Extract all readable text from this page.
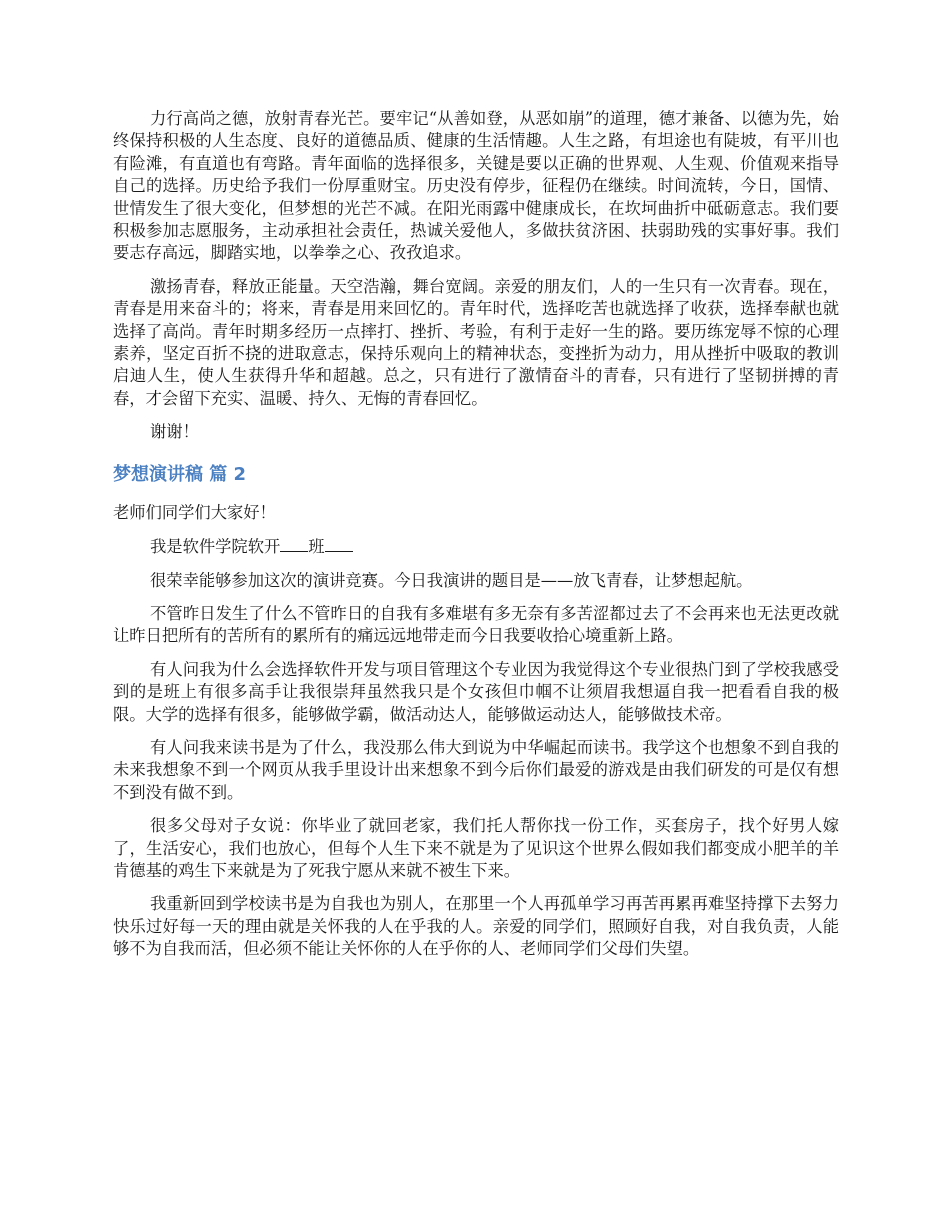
力行高尚之德，放射青春光芒。要牢记“从善如登，从恶如崩”的道理，德才兼备、以德为先，始终保持积极的人生态度、良好的道德品质、健康的生活情趣。人生之路，有坦途也有陡坡，有平川也有险滩，有直道也有弯路。青年面临的选择很多，关键是要以正确的世界观、人生观、价值观来指导自己的选择。历史给予我们一份厚重财宝。历史没有停步，征程仍在继续。时间流转，今日，国情、世情发生了很大变化，但梦想的光芒不减。在阳光雨露中健康成长，在坎坷曲折中砥砺意志。我们要积极参加志愿服务，主动承担社会责任，热诚关爱他人，多做扶贫济困、扶弱助残的实事好事。我们要志存高远，脚踏实地，以拳拳之心、孜孜追求。

激扬青春，释放正能量。天空浩瀚，舞台宽阔。亲爱的朋友们，人的一生只有一次青春。现在，青春是用来奋斗的；将来，青春是用来回忆的。青年时代，选择吃苦也就选择了收获，选择奉献也就选择了高尚。青年时期多经历一点摔打、挫折、考验，有利于走好一生的路。要历练宠辱不惊的心理素养，坚定百折不挠的进取意志，保持乐观向上的精神状态，变挫折为动力，用从挫折中吸取的教训启迪人生，使人生获得升华和超越。总之，只有进行了激情奋斗的青春，只有进行了坚韧拼搏的青春，才会留下充实、温暖、持久、无悔的青春回忆。

谢谢！

梦想演讲稿 篇 2

老师们同学们大家好！

我是软件学院软开 班

很荣幸能够参加这次的演讲竞赛。今日我演讲的题目是——放飞青春，让梦想起航。

不管昨日发生了什么不管昨日的自我有多难堪有多无奈有多苦涩都过去了不会再来也无法更改就让昨日把所有的苦所有的累所有的痛远远地带走而今日我要收拾心境重新上路。

有人问我为什么会选择软件开发与项目管理这个专业因为我觉得这个专业很热门到了学校我感受到的是班上有很多高手让我很崇拜虽然我只是个女孩但巾帼不让须眉我想逼自我一把看看自我的极限。大学的选择有很多，能够做学霸，做活动达人，能够做运动达人，能够做技术帝。

有人问我来读书是为了什么，我没那么伟大到说为中华崛起而读书。我学这个也想象不到自我的未来我想象不到一个网页从我手里设计出来想象不到今后你们最爱的游戏是由我们研发的可是仅有想不到没有做不到。

很多父母对子女说：你毕业了就回老家，我们托人帮你找一份工作，买套房子，找个好男人嫁了，生活安心，我们也放心，但每个人生下来不就是为了见识这个世界么假如我们都变成小肥羊的羊肯德基的鸡生下来就是为了死我宁愿从来就不被生下来。

我重新回到学校读书是为自我也为别人，在那里一个人再孤单学习再苦再累再难坚持撑下去努力快乐过好每一天的理由就是关怀我的人在乎我的人。亲爱的同学们，照顾好自我，对自我负责，人能够不为自我而活，但必须不能让关怀你的人在乎你的人、老师同学们父母们失望。
